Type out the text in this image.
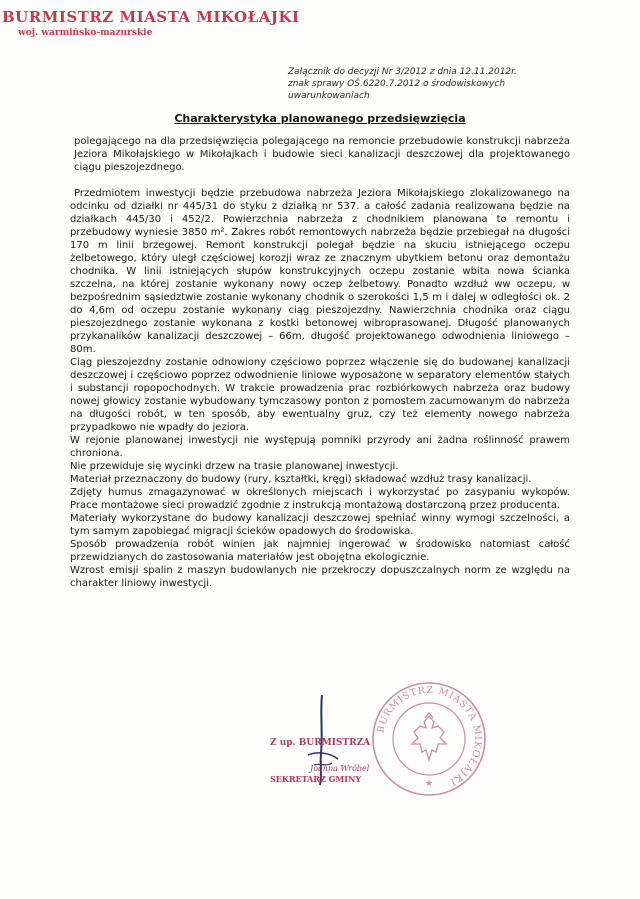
BURMISTRZ MIASTA MIKOŁAJKI
woj. warmińsko-mazurskie
Załącznik do decyzji Nr 3/2012 z dnia 12.11.2012r.
znak sprawy OŚ.6220.7.2012 o środowiskowych
uwarunkowaniach
Charakterystyka planowanego przedsięwzięcia

polegającego na dla przedsięwzięcia polegającego na remoncie przebudowie konstrukcji nabrzeża Jeziora Mikołajskiego w Mikołajkach i budowie sieci kanalizacji deszczowej dla projektowanego ciągu pieszojezdnego.

Przedmiotem inwestycji będzie przebudowa nabrzeża Jeziora Mikołajskiego zlokalizowanego na odcinku od działki nr 445/31 do styku z działką nr 537. a całość zadania realizowana będzie na działkach 445/30 i 452/2. Powierzchnia nabrzeża z chodnikiem planowana to remontu i przebudowy wyniesie 3850 m². Zakres robót remontowych nabrzeża będzie przebiegał na długości 170 m linii brzegowej. Remont konstrukcji polegał będzie na skuciu istniejącego oczepu żelbetowego, który uległ częściowej korozji wraz ze znacznym ubytkiem betonu oraz demontażu chodnika. W linii istniejących słupów konstrukcyjnych oczepu zostanie wbita nowa ścianka szczelna, na której zostanie wykonany nowy oczep żelbetowy. Ponadto wzdłuż ww oczepu, w bezpośrednim sąsiedztwie zostanie wykonany chodnik o szerokości 1,5 m i dalej w odległości ok. 2 do 4,6m od oczepu zostanie wykonany ciąg pieszojezdny. Nawierzchnia chodnika oraz ciągu pieszojezdnego zostanie wykonana z kostki betonowej wibroprasowanej. Długość planowanych przykanalików kanalizacji deszczowej – 66m, długość projektowanego odwodnienia liniowego – 80m.

Ciąg pieszojezdny zostanie odnowiony częściowo poprzez włączenie się do budowanej kanalizacji deszczowej i częściowo poprzez odwodnienie liniowe wyposażone w separatory elementów stałych i substancji ropopochodnych. W trakcie prowadzenia prac rozbiórkowych nabrzeża oraz budowy nowej głowicy zostanie wybudowany tymczasowy ponton z pomostem zacumowanym do nabrzeża na długości robót, w ten sposób, aby ewentualny gruz, czy też elementy nowego nabrzeża przypadkowo nie wpadły do jeziora.

W rejonie planowanej inwestycji nie występują pomniki przyrody ani żadna roślinność prawem chroniona.

Nie przewiduje się wycinki drzew na trasie planowanej inwestycji.

Materiał przeznaczony do budowy (rury, kształtki, kręgi) składować wzdłuż trasy kanalizacji.

Zdjęty humus zmagazynować w określonych miejscach i wykorzystać po zasypaniu wykopów. Prace montażowe sieci prowadzić zgodnie z instrukcją montażową dostarczoną przez producenta.

Materiały wykorzystane do budowy kanalizacji deszczowej spełniać winny wymogi szczelności, a tym samym zapobiegać migracji ścieków opadowych do środowiska.

Sposób prowadzenia robót winien jak najmniej ingerować w środowisko natomiast całość przewidzianych do zastosowania materiałów jest obojętna ekologicznie.

Wzrost emisji spalin z maszyn budowlanych nie przekroczy dopuszczalnych norm ze względu na charakter liniowy inwestycji.

Z up. BURMISTRZA
Joanna Wróbel
SEKRETARZ GMINY
BURMISTRZ MIASTA MIKOŁAJKI
★
